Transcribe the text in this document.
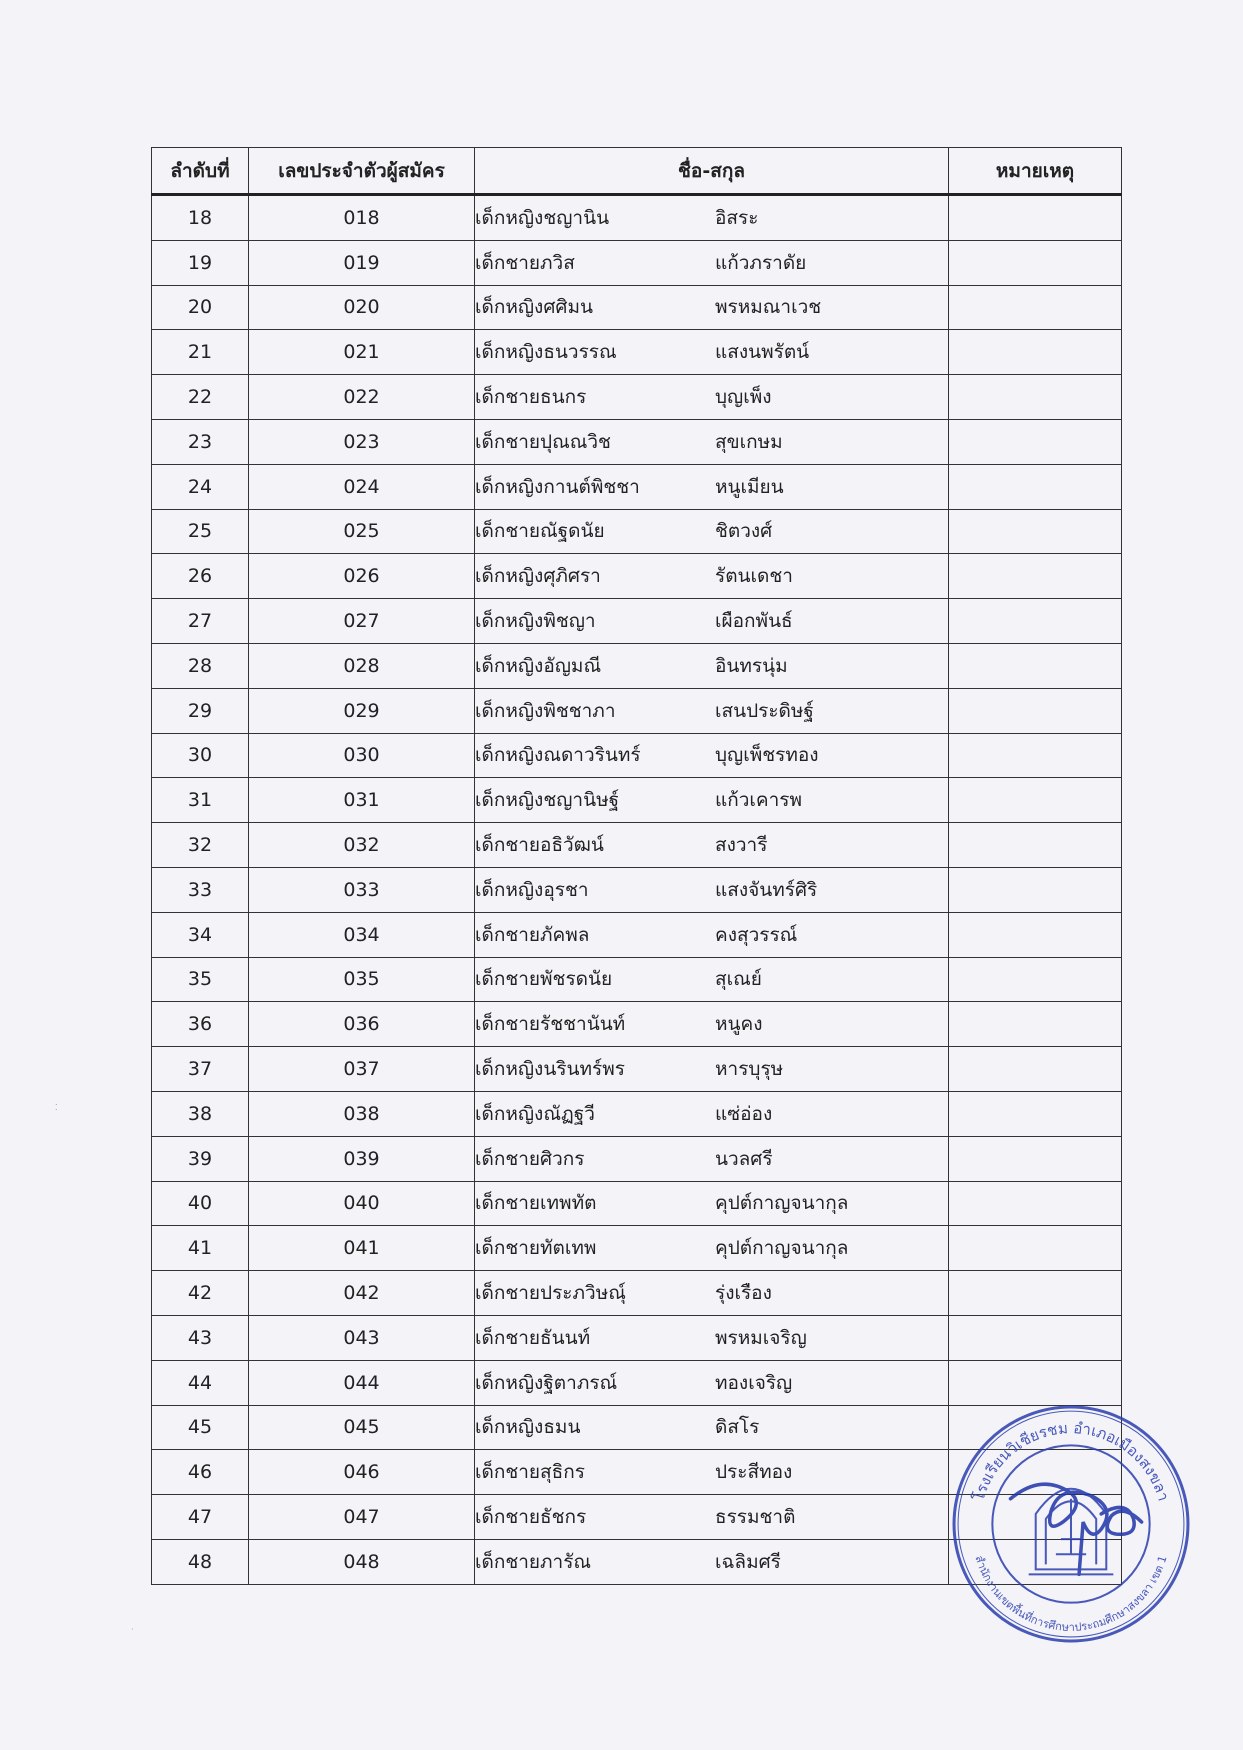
ลำดับที่	เลขประจำตัวผู้สมัคร	ชื่อ-สกุล	หมายเหตุ
18	018	เด็กหญิงชญานิน อิสระ	
19	019	เด็กชายภวิส แก้วภราดัย	
20	020	เด็กหญิงศศิมน พรหมณาเวช	
21	021	เด็กหญิงธนวรรณ แสงนพรัตน์	
22	022	เด็กชายธนกร บุญเพ็ง	
23	023	เด็กชายปุณณวิช สุขเกษม	
24	024	เด็กหญิงกานต์พิชชา หนูเมียน	
25	025	เด็กชายณัฐดนัย ชิตวงศ์	
26	026	เด็กหญิงศุภิศรา รัตนเดชา	
27	027	เด็กหญิงพิชญา เผือกพันธ์	
28	028	เด็กหญิงอัญมณี อินทรนุ่ม	
29	029	เด็กหญิงพิชชาภา เสนประดิษฐ์	
30	030	เด็กหญิงณดาวรินทร์ บุญเพ็ชรทอง	
31	031	เด็กหญิงชญานิษฐ์ แก้วเคารพ	
32	032	เด็กชายอธิวัฒน์ สงวารี	
33	033	เด็กหญิงอุรชา แสงจันทร์ศิริ	
34	034	เด็กชายภัคพล คงสุวรรณ์	
35	035	เด็กชายพัชรดนัย สุเณย์	
36	036	เด็กชายรัชชานันท์ หนูคง	
37	037	เด็กหญิงนรินทร์พร หารบุรุษ	
38	038	เด็กหญิงณัฏฐวี แซ่อ่อง	
39	039	เด็กชายศิวกร นวลศรี	
40	040	เด็กชายเทพทัต คุปต์กาญจนากุล	
41	041	เด็กชายทัตเทพ คุปต์กาญจนากุล	
42	042	เด็กชายประภวิษณุ์ รุ่งเรือง	
43	043	เด็กชายธันนท์ พรหมเจริญ	
44	044	เด็กหญิงฐิตาภรณ์ ทองเจริญ	
45	045	เด็กหญิงธมน ดิสโร	
46	046	เด็กชายสุธิกร ประสีทอง	
47	047	เด็กชายธัชกร ธรรมชาติ	
48	048	เด็กชายภารัณ เฉลิมศรี	
โรงเรียนวิเชียรชม อำเภอเมืองสงขลา
สำนักงานเขตพื้นที่การศึกษาประถมศึกษาสงขลา เขต 1
⁚
·
